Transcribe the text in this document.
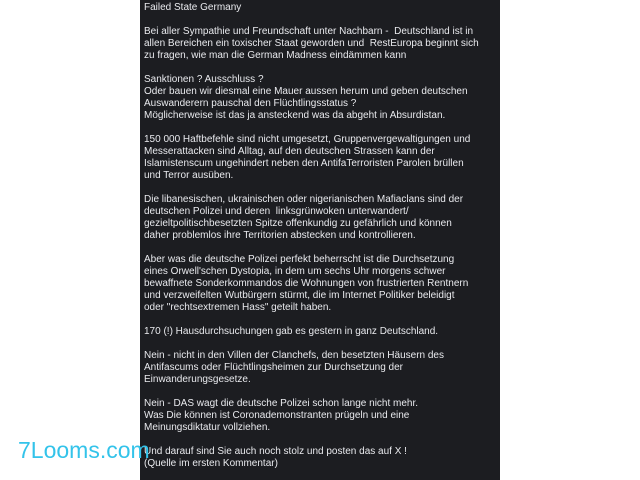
Failed State Germany
Bei aller Sympathie und Freundschaft unter Nachbarn -  Deutschland ist in
allen Bereichen ein toxischer Staat geworden und  RestEuropa beginnt sich
zu fragen, wie man die German Madness eindämmen kann
Sanktionen ? Ausschluss ?
Oder bauen wir diesmal eine Mauer aussen herum und geben deutschen
Auswanderern pauschal den Flüchtlingsstatus ?
Möglicherweise ist das ja ansteckend was da abgeht in Absurdistan.
150 000 Haftbefehle sind nicht umgesetzt, Gruppenvergewaltigungen und
Messerattacken sind Alltag, auf den deutschen Strassen kann der
Islamistenscum ungehindert neben den AntifaTerroristen Parolen brüllen
und Terror ausüben.
Die libanesischen, ukrainischen oder nigerianischen Mafiaclans sind der
deutschen Polizei und deren  linksgrünwoken unterwandert/
gezieltpolitischbesetzten Spitze offenkundig zu gefährlich und können
daher problemlos ihre Territorien abstecken und kontrollieren.
Aber was die deutsche Polizei perfekt beherrscht ist die Durchsetzung
eines Orwell'schen Dystopia, in dem um sechs Uhr morgens schwer
bewaffnete Sonderkommandos die Wohnungen von frustrierten Rentnern
und verzweifelten Wutbürgern stürmt, die im Internet Politiker beleidigt
oder "rechtsextremen Hass" geteilt haben.
170 (!) Hausdurchsuchungen gab es gestern in ganz Deutschland.
Nein - nicht in den Villen der Clanchefs, den besetzten Häusern des
Antifascums oder Flüchtlingsheimen zur Durchsetzung der
Einwanderungsgesetze.
Nein - DAS wagt die deutsche Polizei schon lange nicht mehr.
Was Die können ist Coronademonstranten prügeln und eine
Meinungsdiktatur vollziehen.
Und darauf sind Sie auch noch stolz und posten das auf X !
(Quelle im ersten Kommentar)
7Looms.com
